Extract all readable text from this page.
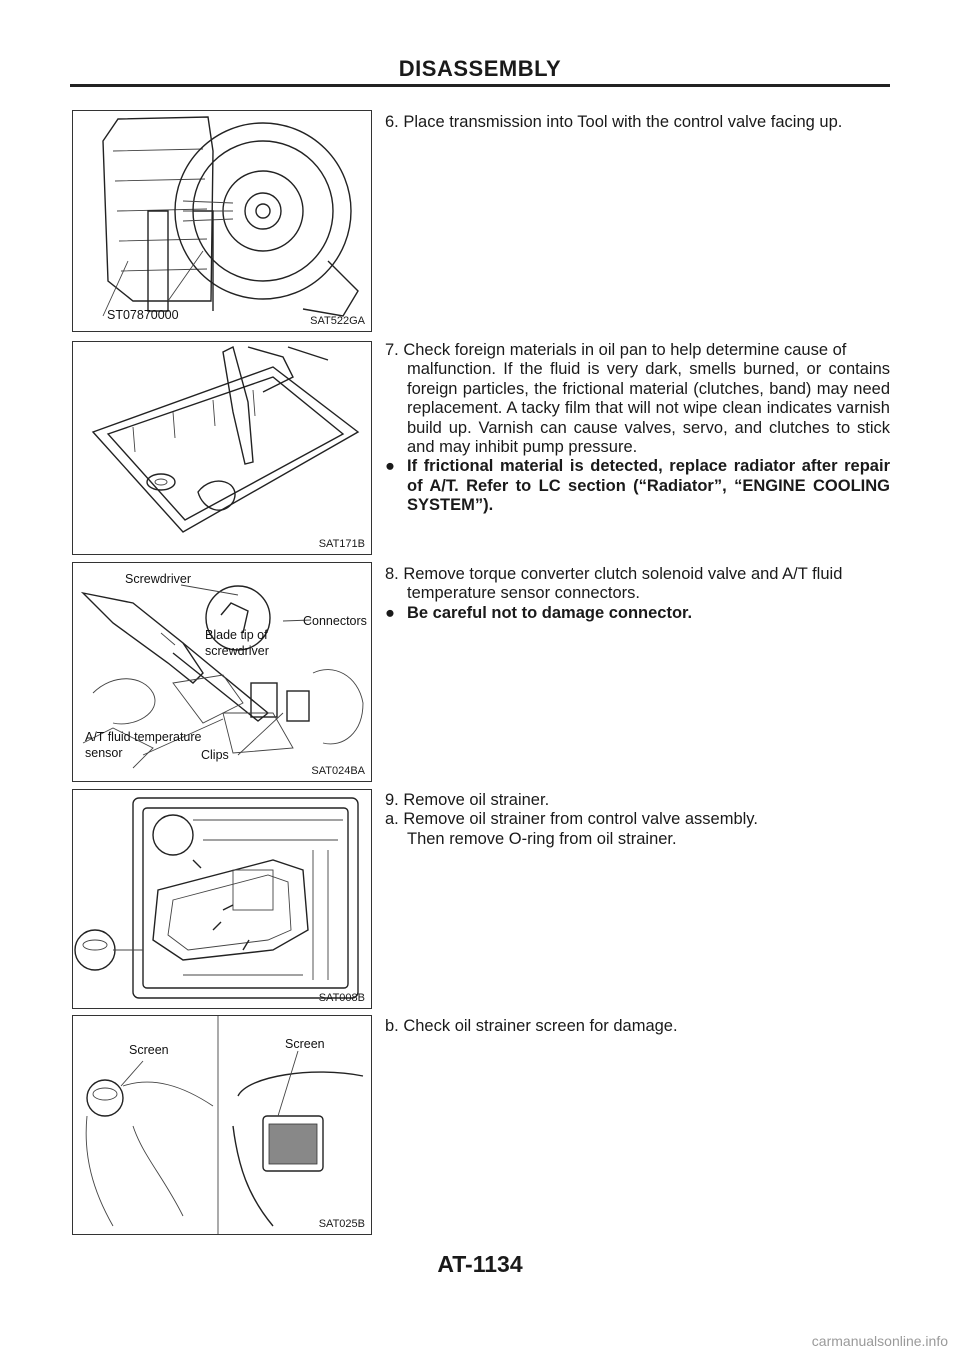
DISASSEMBLY
ST07870000	SAT522GA
SAT171B
Screwdriver
Blade tip of
screwdriver
Connectors
A/T fluid temperature
sensor	Clips
SAT024BA
SAT008B
Screen	Screen
SAT025B

6. Place transmission into Tool with the control valve facing up.

7. Check foreign materials in oil pan to help determine cause of

malfunction. If the fluid is very dark, smells burned, or contains foreign particles, the frictional material (clutches, band) may need replacement. A tacky film that will not wipe clean indicates varnish build up. Varnish can cause valves, servo, and clutches to stick and may inhibit pump pressure.

● If frictional material is detected, replace radiator after repair of A/T. Refer to LC section (“Radiator”, “ENGINE COOLING SYSTEM”).

8. Remove torque converter clutch solenoid valve and A/T fluid

temperature sensor connectors.

● Be careful not to damage connector.

9. Remove oil strainer.

a. Remove oil strainer from control valve assembly.

Then remove O-ring from oil strainer.

b. Check oil strainer screen for damage.

AT-1134
carmanualsonline.info
